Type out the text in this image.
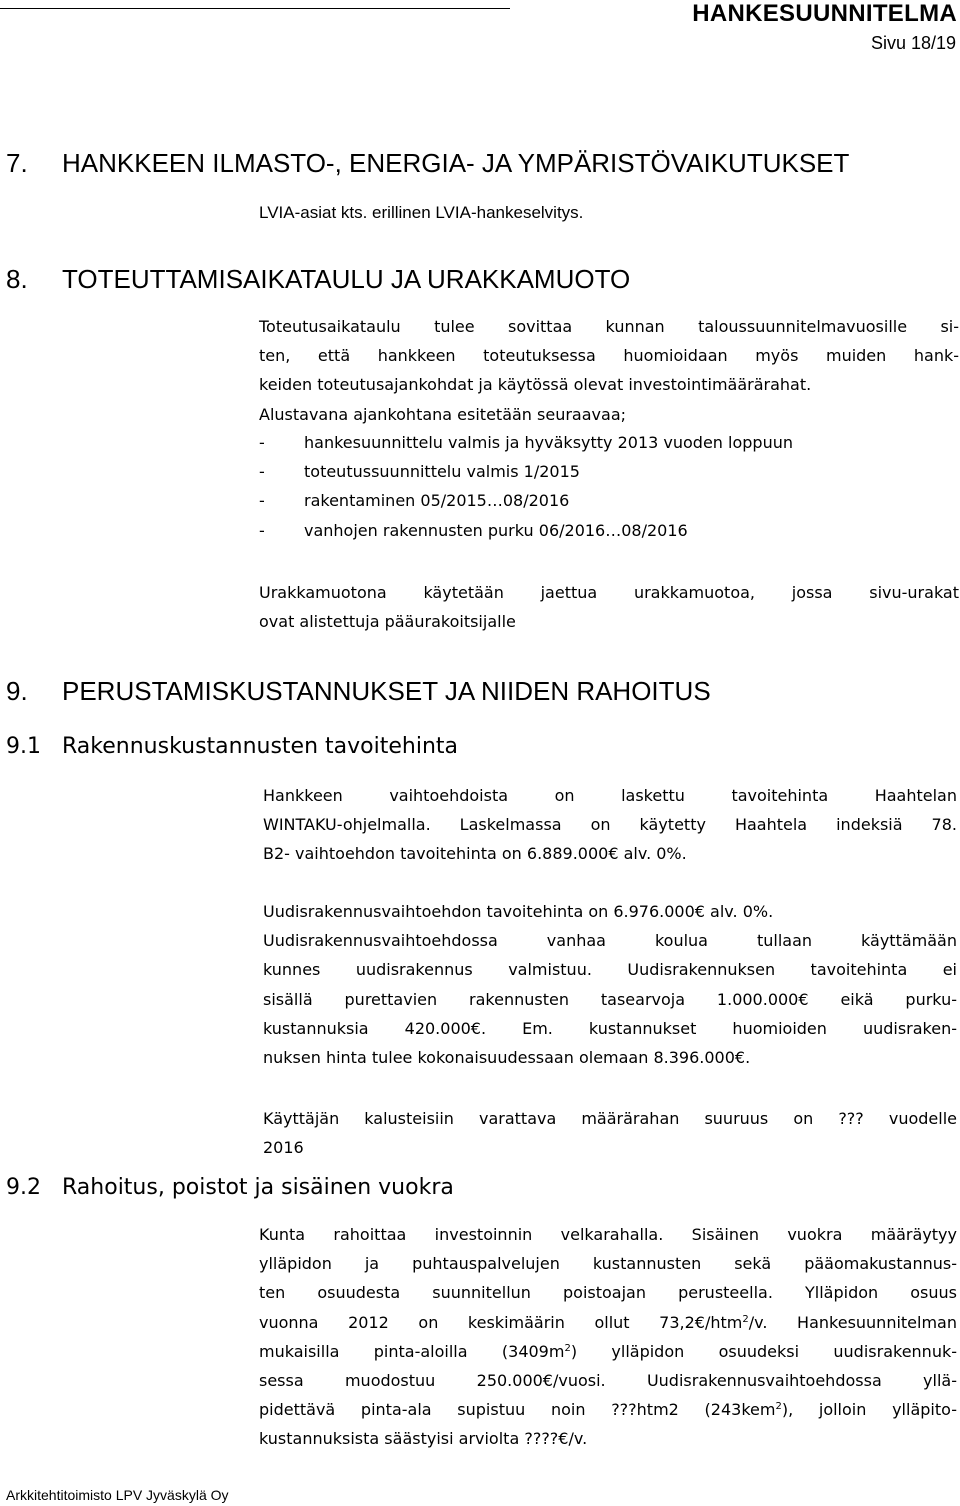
HANKESUUNNITELMA
Sivu 18/19
7. HANKKEEN ILMASTO-, ENERGIA- JA YMPÄRISTÖVAIKUTUKSET
LVIA-asiat kts. erillinen LVIA-hankeselvitys.
8. TOTEUTTAMISAIKATAULU JA URAKKAMUOTO
Toteutusaikataulu tulee sovittaa kunnan taloussuunnitelmavuosille si-
ten, että hankkeen toteutuksessa huomioidaan myös muiden hank-
keiden toteutusajankohdat ja käytössä olevat investointimäärärahat.
Alustavana ajankohtana esitetään seuraavaa;
- hankesuunnittelu valmis ja hyväksytty 2013 vuoden loppuun
- toteutussuunnittelu valmis 1/2015
- rakentaminen 05/2015…08/2016
- vanhojen rakennusten purku 06/2016…08/2016
Urakkamuotona käytetään jaettua urakkamuotoa, jossa sivu-urakat
ovat alistettuja pääurakoitsijalle
9. PERUSTAMISKUSTANNUKSET JA NIIDEN RAHOITUS
9.1 Rakennuskustannusten tavoitehinta
Hankkeen vaihtoehdoista on laskettu tavoitehinta Haahtelan
WINTAKU-ohjelmalla. Laskelmassa on käytetty Haahtela indeksiä 78.
B2- vaihtoehdon tavoitehinta on 6.889.000€ alv. 0%.
Uudisrakennusvaihtoehdon tavoitehinta on 6.976.000€ alv. 0%.
Uudisrakennusvaihtoehdossa vanhaa koulua tullaan käyttämään
kunnes uudisrakennus valmistuu. Uudisrakennuksen tavoitehinta ei
sisällä purettavien rakennusten tasearvoja 1.000.000€ eikä purku-
kustannuksia 420.000€. Em. kustannukset huomioiden uudisraken-
nuksen hinta tulee kokonaisuudessaan olemaan 8.396.000€.
Käyttäjän kalusteisiin varattava määrärahan suuruus on ??? vuodelle
2016
9.2 Rahoitus, poistot ja sisäinen vuokra
Kunta rahoittaa investoinnin velkarahalla. Sisäinen vuokra määräytyy
ylläpidon ja puhtauspalvelujen kustannusten sekä pääomakustannus-
ten osuudesta suunnitellun poistoajan perusteella. Ylläpidon osuus
vuonna 2012 on keskimäärin ollut 73,2€/htm$^2$/v. Hankesuunnitelman
mukaisilla pinta-aloilla $(3409m^2)$ ylläpidon osuudeksi uudisrakennuk-
sessa muodostuu 250.000€/vuosi. Uudisrakennusvaihtoehdossa yllä-
pidettävä pinta-ala supistuu noin ???htm2 (243kem$^2$), jolloin ylläpito-
kustannuksista säästyisi arviolta ????€/v.
Arkkitehtitoimisto LPV Jyväskylä Oy
